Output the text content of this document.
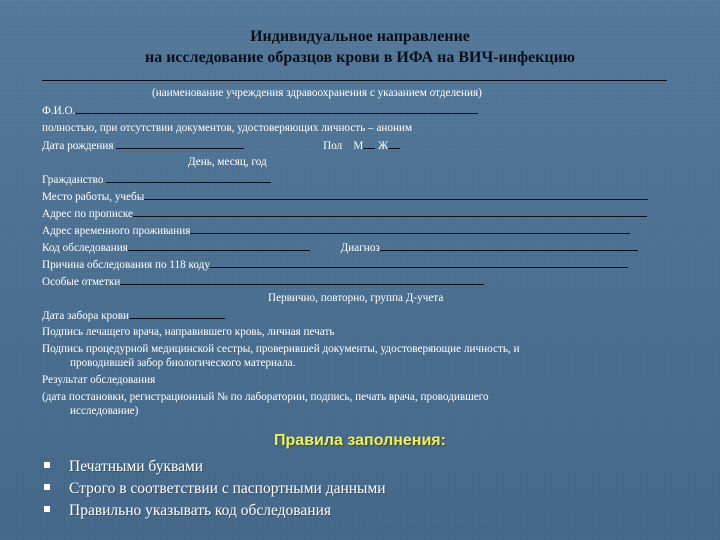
Индивидуальное направление
на исследование образцов крови в ИФА на ВИЧ-инфекцию
(наименование учреждения здравоохранения с указанием отделения)
Ф.И.О.
полностью, при отсутствии документов, удостоверяющих личность – аноним
Дата рождения	Пол М Ж
День, месяц, год
Гражданство
Место работы, учебы
Адрес по прописке
Адрес временного проживания
Код обследования	Диагноз
Причина обследования по 118 коду
Особые отметки
Первично, повторно, группа Д-учета
Дата забора крови
Подпись лечащего врача, направившего кровь, личная печать
Подпись процедурной медицинской сестры, проверившей документы, удостоверяющие личность, и
проводившей забор биологического материала.
Результат обследования
(дата постановки, регистрационный № по лаборатории, подпись, печать врача, проводившего
исследование)
Правила заполнения:
Печатными буквами
Строго в соответствии с паспортными данными
Правильно указывать код обследования
